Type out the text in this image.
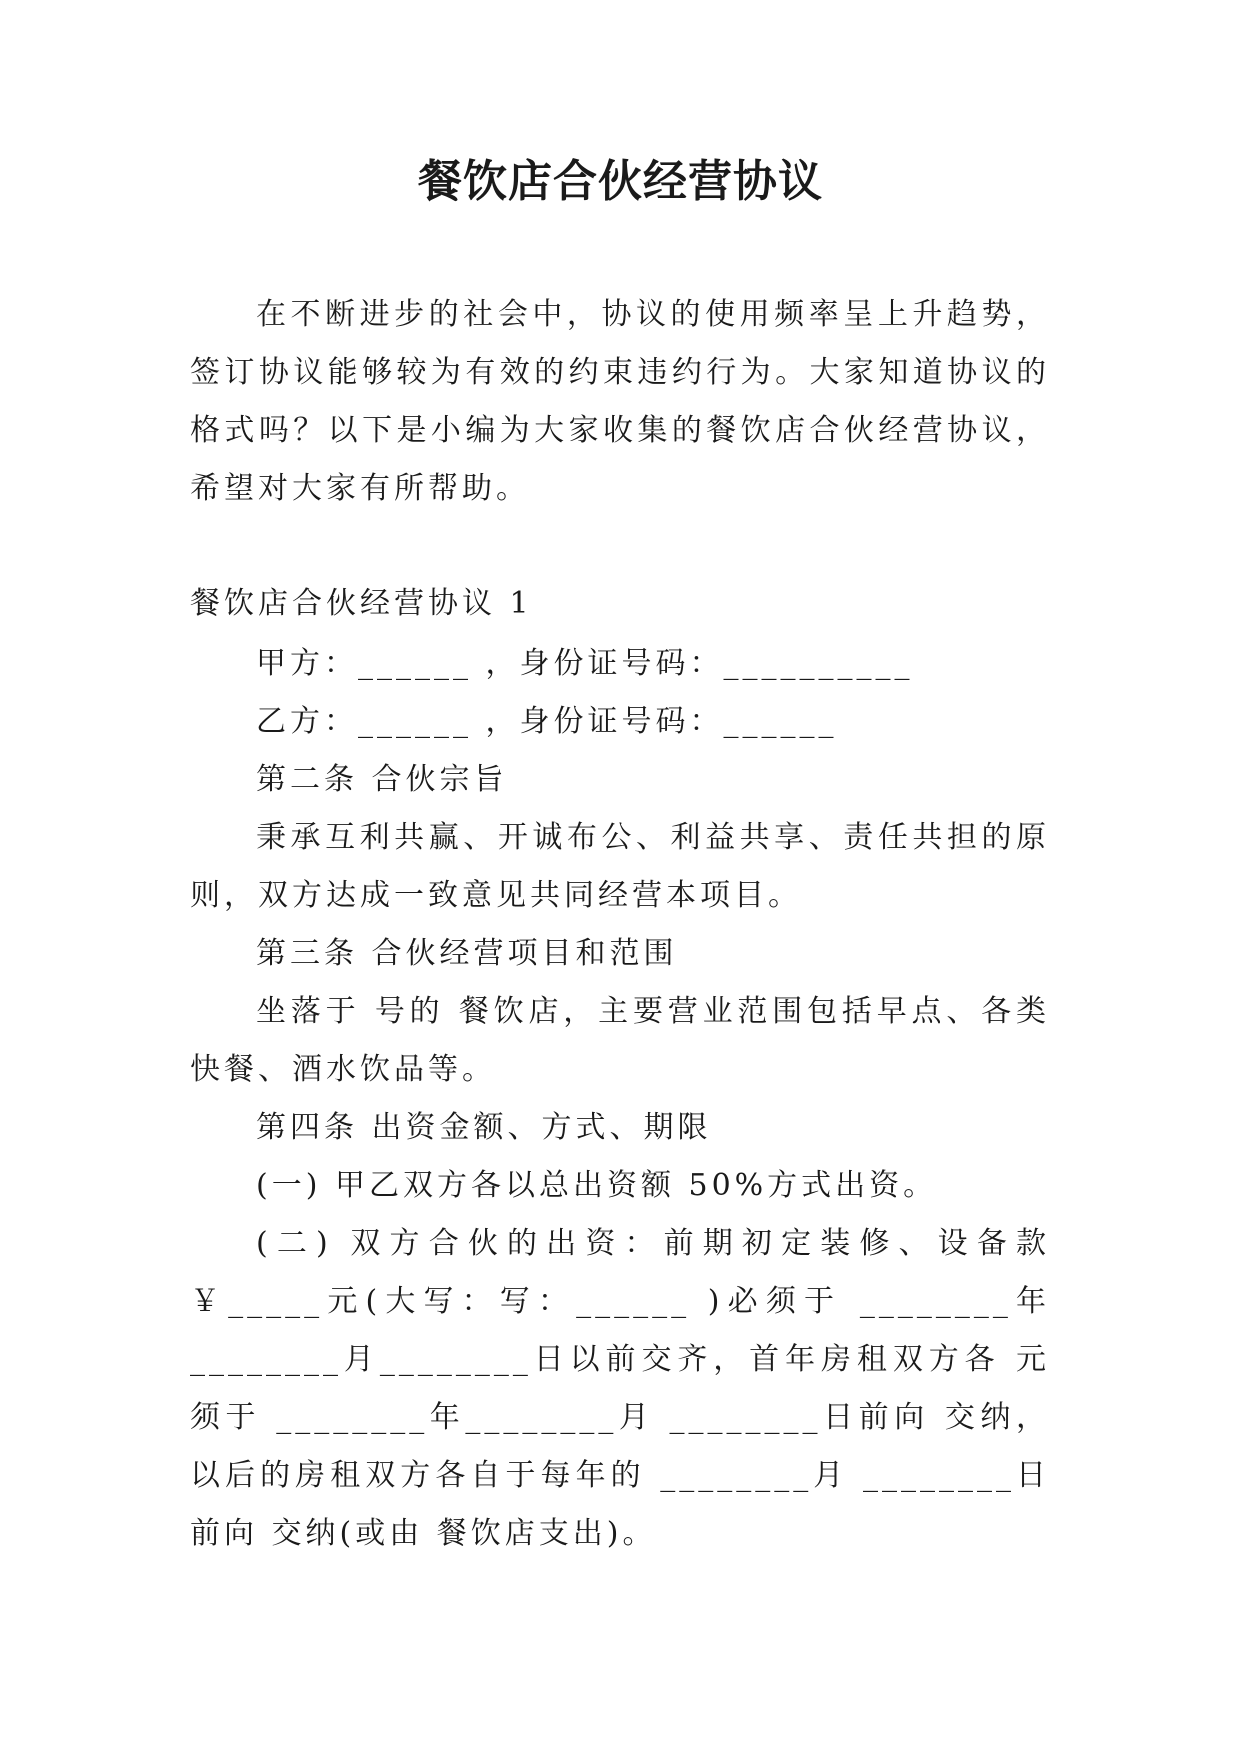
餐饮店合伙经营协议

在不断进步的社会中，协议的使用频率呈上升趋势，签订协议能够较为有效的约束违约行为。大家知道协议的格式吗？以下是小编为大家收集的餐饮店合伙经营协议，希望对大家有所帮助。

餐饮店合伙经营协议 1

甲方：______ ，身份证号码：__________

乙方：______ ，身份证号码：______

第二条 合伙宗旨

秉承互利共赢、开诚布公、利益共享、责任共担的原则，双方达成一致意见共同经营本项目。

第三条 合伙经营项目和范围

坐落于 号的 餐饮店，主要营业范围包括早点、各类快餐、酒水饮品等。

第四条 出资金额、方式、期限

(一) 甲乙双方各以总出资额 50%方式出资。

(二) 双方合伙的出资：前期初定装修、设备款￥_____元(大写：写：______ )必须于 ________年 ________月________日以前交齐，首年房租双方各 元须于 ________年________月 ________日前向 交纳，以后的房租双方各自于每年的 ________月 ________日前向 交纳(或由 餐饮店支出)。
